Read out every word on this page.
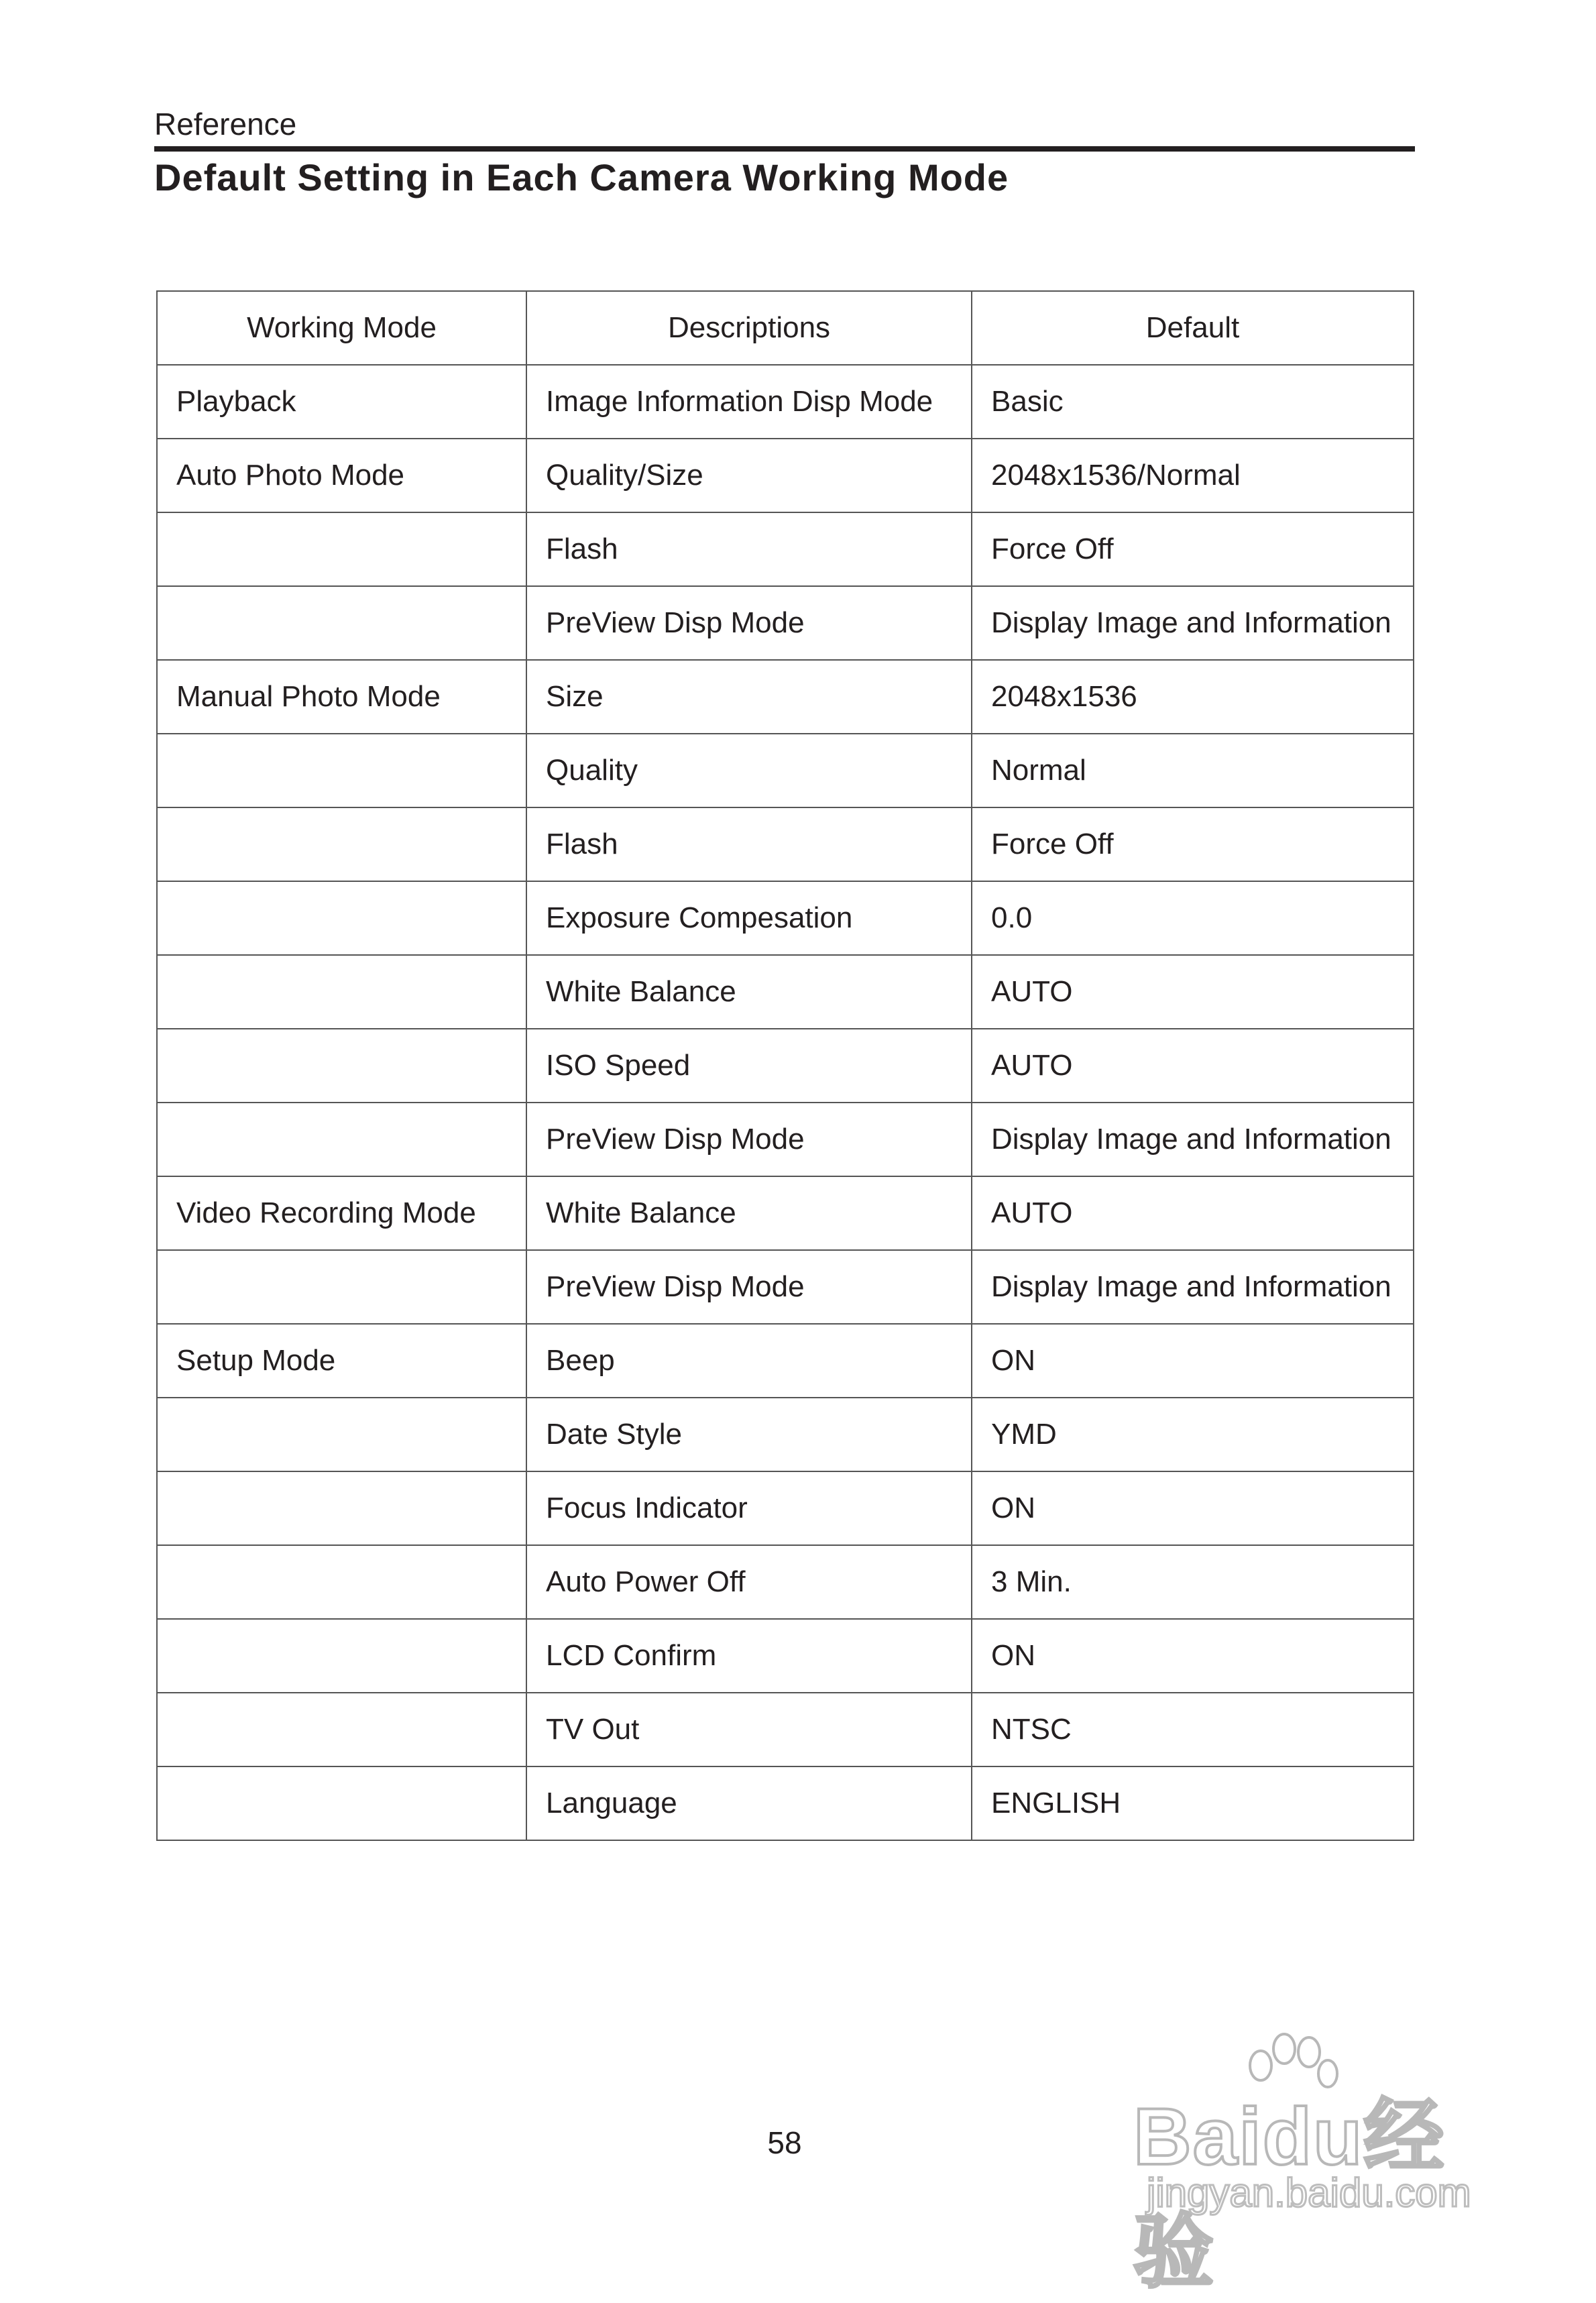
Reference
Default Setting in Each Camera Working Mode
Working Mode	Descriptions	Default
Playback	Image Information Disp Mode	Basic
Auto Photo Mode	Quality/Size	2048x1536/Normal
	Flash	Force Off
	PreView Disp Mode	Display Image and Information
Manual Photo Mode	Size	2048x1536
	Quality	Normal
	Flash	Force Off
	Exposure Compesation	0.0
	White Balance	AUTO
	ISO Speed	AUTO
	PreView Disp Mode	Display Image and Information
Video Recording Mode	White Balance	AUTO
	PreView Disp Mode	Display Image and Information
Setup Mode	Beep	ON
	Date Style	YMD
	Focus Indicator	ON
	Auto Power Off	3 Min.
	LCD Confirm	ON
	TV Out	NTSC
	Language	ENGLISH
58	Baidu经验
jingyan.baidu.com
